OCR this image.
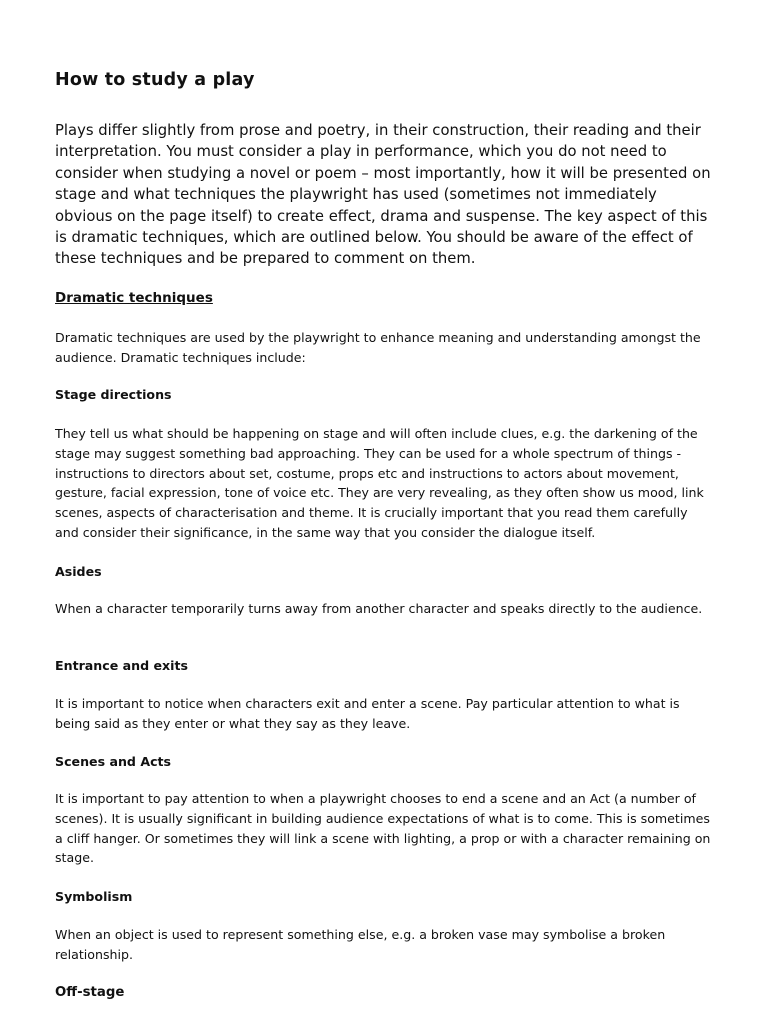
How to study a play

Plays differ slightly from prose and poetry, in their construction, their reading and their interpretation. You must consider a play in performance, which you do not need to consider when studying a novel or poem – most importantly, how it will be presented on stage and what techniques the playwright has used (sometimes not immediately obvious on the page itself) to create effect, drama and suspense. The key aspect of this is dramatic techniques, which are outlined below. You should be aware of the effect of these techniques and be prepared to comment on them.

Dramatic techniques

Dramatic techniques are used by the playwright to enhance meaning and understanding amongst the audience. Dramatic techniques include:

Stage directions

They tell us what should be happening on stage and will often include clues, e.g. the darkening of the stage may suggest something bad approaching. They can be used for a whole spectrum of things - instructions to directors about set, costume, props etc and instructions to actors about movement, gesture, facial expression, tone of voice etc. They are very revealing, as they often show us mood, link scenes, aspects of characterisation and theme. It is crucially important that you read them carefully and consider their significance, in the same way that you consider the dialogue itself.

Asides

When a character temporarily turns away from another character and speaks directly to the audience.

Entrance and exits

It is important to notice when characters exit and enter a scene. Pay particular attention to what is being said as they enter or what they say as they leave.

Scenes and Acts

It is important to pay attention to when a playwright chooses to end a scene and an Act (a number of scenes). It is usually significant in building audience expectations of what is to come. This is sometimes a cliff hanger. Or sometimes they will link a scene with lighting, a prop or with a character remaining on stage.

Symbolism

When an object is used to represent something else, e.g. a broken vase may symbolise a broken relationship.

Off-stage
